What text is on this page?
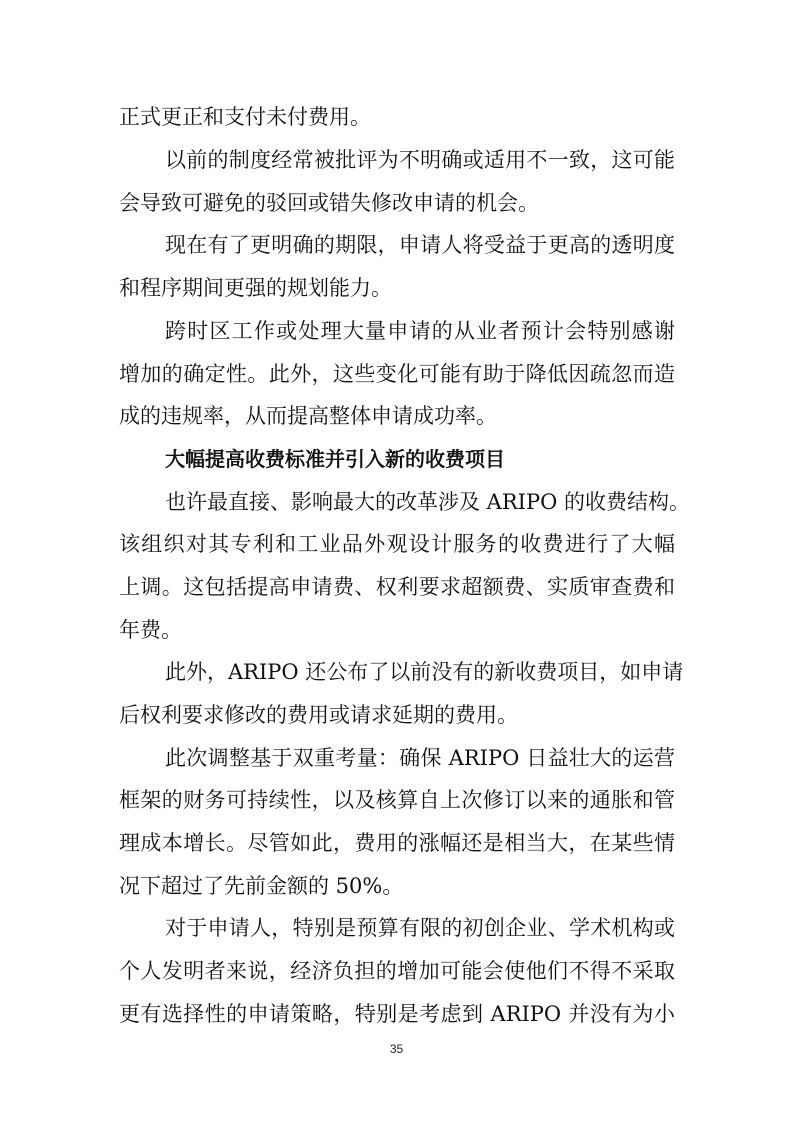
正式更正和支付未付费用。
以前的制度经常被批评为不明确或适用不一致，这可能
会导致可避免的驳回或错失修改申请的机会。
现在有了更明确的期限，申请人将受益于更高的透明度
和程序期间更强的规划能力。
跨时区工作或处理大量申请的从业者预计会特别感谢
增加的确定性。此外，这些变化可能有助于降低因疏忽而造
成的违规率，从而提高整体申请成功率。
大幅提高收费标准并引入新的收费项目
也许最直接、影响最大的改革涉及 ARIPO 的收费结构。
该组织对其专利和工业品外观设计服务的收费进行了大幅
上调。这包括提高申请费、权利要求超额费、实质审查费和
年费。
此外，ARIPO 还公布了以前没有的新收费项目，如申请
后权利要求修改的费用或请求延期的费用。
此次调整基于双重考量：确保 ARIPO 日益壮大的运营
框架的财务可持续性，以及核算自上次修订以来的通胀和管
理成本增长。尽管如此，费用的涨幅还是相当大，在某些情
况下超过了先前金额的 50%。
对于申请人，特别是预算有限的初创企业、学术机构或
个人发明者来说，经济负担的增加可能会使他们不得不采取
更有选择性的申请策略，特别是考虑到 ARIPO 并没有为小
35
